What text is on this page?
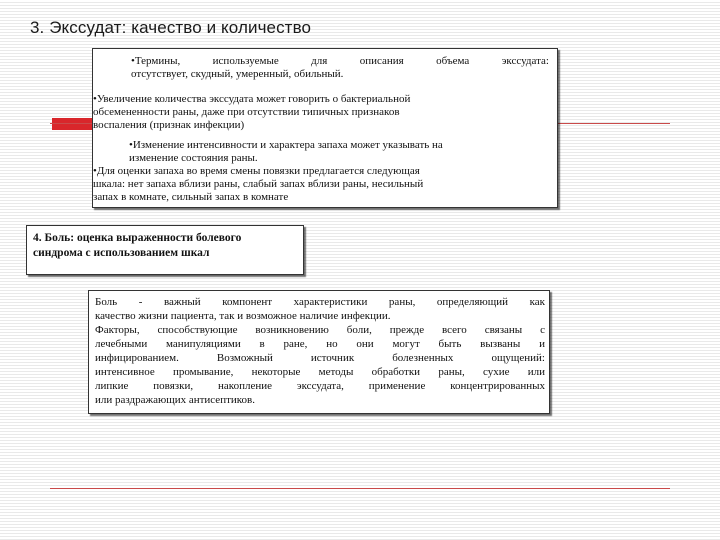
3. Экссудат: качество и количество
•Термины, используемые для описания объема экссудата:
отсутствует, скудный, умеренный, обильный.
•Увеличение количества экссудата может говорить о бактериальной
обсемененности раны, даже при отсутствии типичных признаков
воспаления (признак инфекции)
•Изменение интенсивности и характера запаха может указывать на
изменение состояния раны.
•Для оценки запаха во время смены повязки предлагается следующая
шкала: нет запаха вблизи раны, слабый запах вблизи раны, несильный
запах в комнате, сильный запах в комнате
4. Боль: оценка выраженности болевого
синдрома с использованием шкал
Боль - важный компонент характеристики раны, определяющий как
качество жизни пациента, так и возможное наличие инфекции.
Факторы, способствующие возникновению боли, прежде всего связаны с
лечебными манипуляциями в ране, но они могут быть вызваны и
инфицированием. Возможный источник болезненных ощущений:
интенсивное промывание, некоторые методы обработки раны, сухие или
липкие повязки, накопление экссудата, применение концентрированных
или раздражающих антисептиков.
